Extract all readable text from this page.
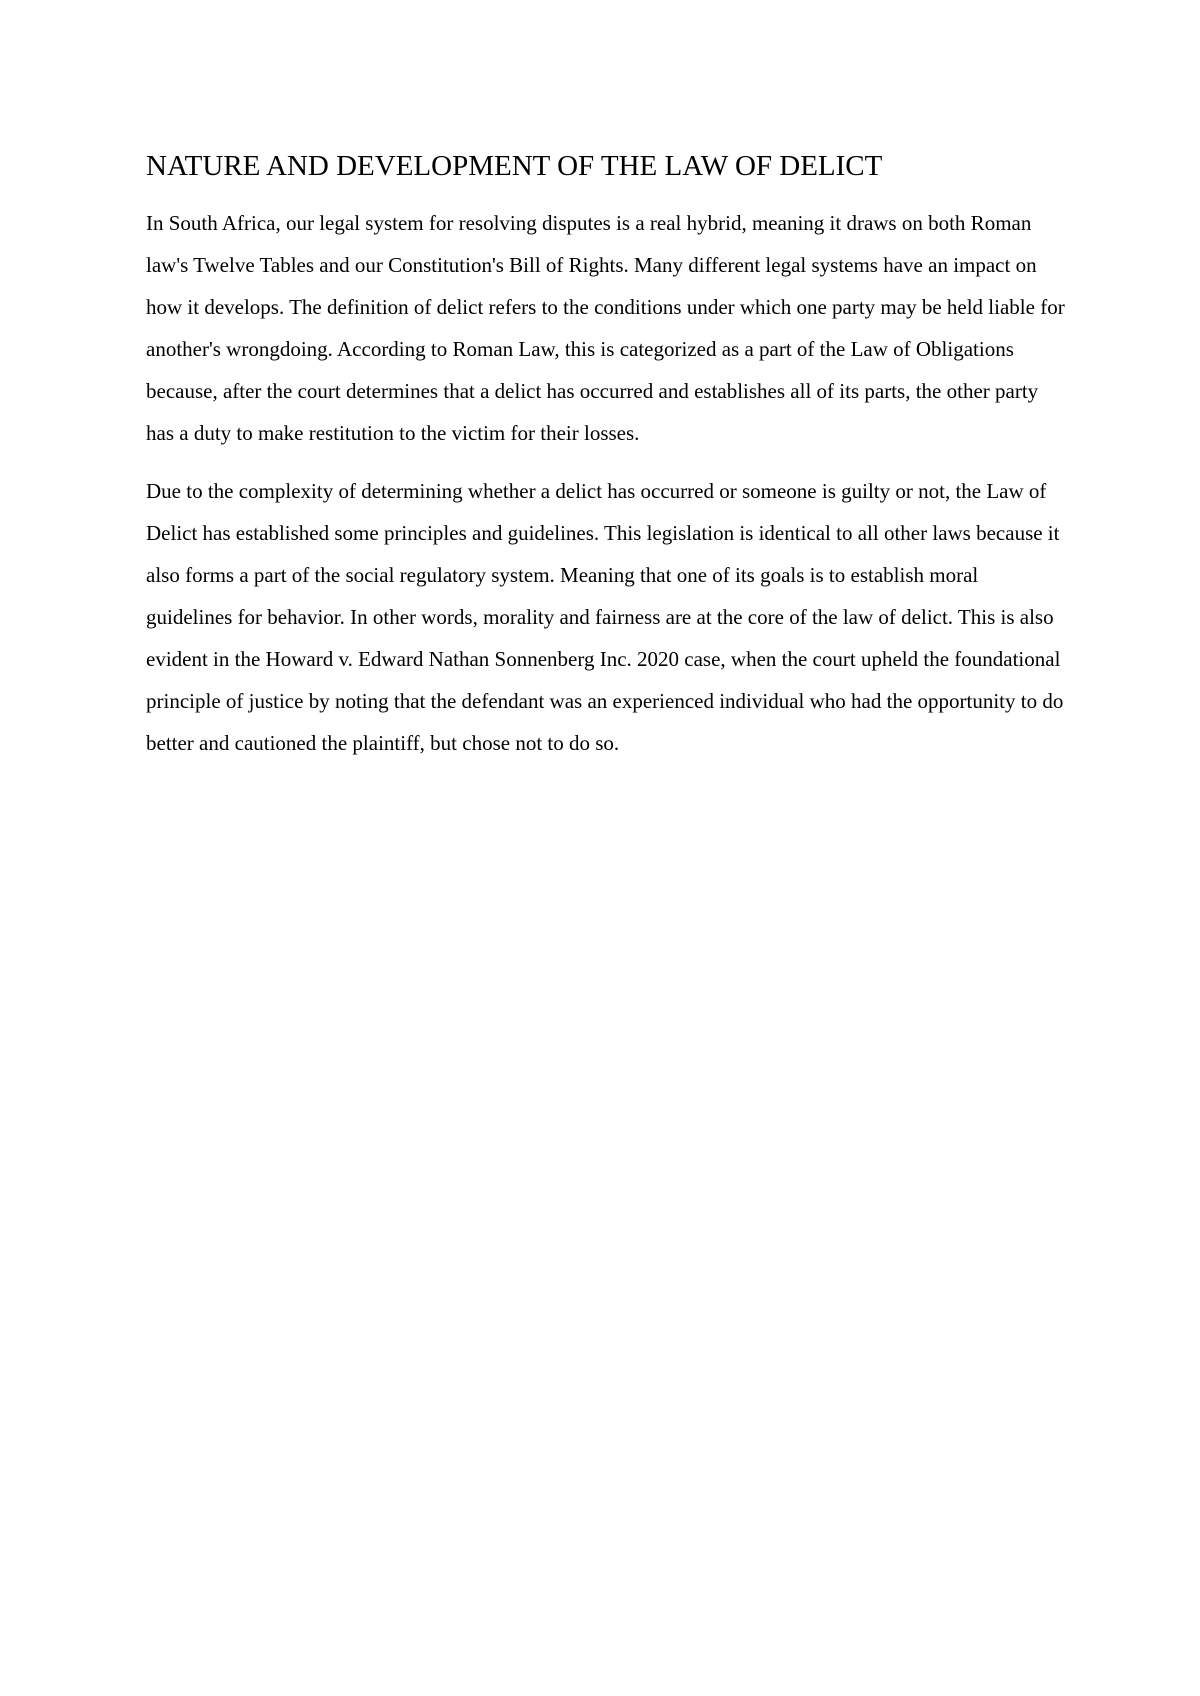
NATURE AND DEVELOPMENT OF THE LAW OF DELICT

In South Africa, our legal system for resolving disputes is a real hybrid, meaning it draws on both Roman law's Twelve Tables and our Constitution's Bill of Rights. Many different legal systems have an impact on how it develops. The definition of delict refers to the conditions under which one party may be held liable for another's wrongdoing. According to Roman Law, this is categorized as a part of the Law of Obligations because, after the court determines that a delict has occurred and establishes all of its parts, the other party has a duty to make restitution to the victim for their losses.

Due to the complexity of determining whether a delict has occurred or someone is guilty or not, the Law of Delict has established some principles and guidelines. This legislation is identical to all other laws because it also forms a part of the social regulatory system. Meaning that one of its goals is to establish moral guidelines for behavior. In other words, morality and fairness are at the core of the law of delict. This is also evident in the Howard v. Edward Nathan Sonnenberg Inc. 2020 case, when the court upheld the foundational principle of justice by noting that the defendant was an experienced individual who had the opportunity to do better and cautioned the plaintiff, but chose not to do so.
